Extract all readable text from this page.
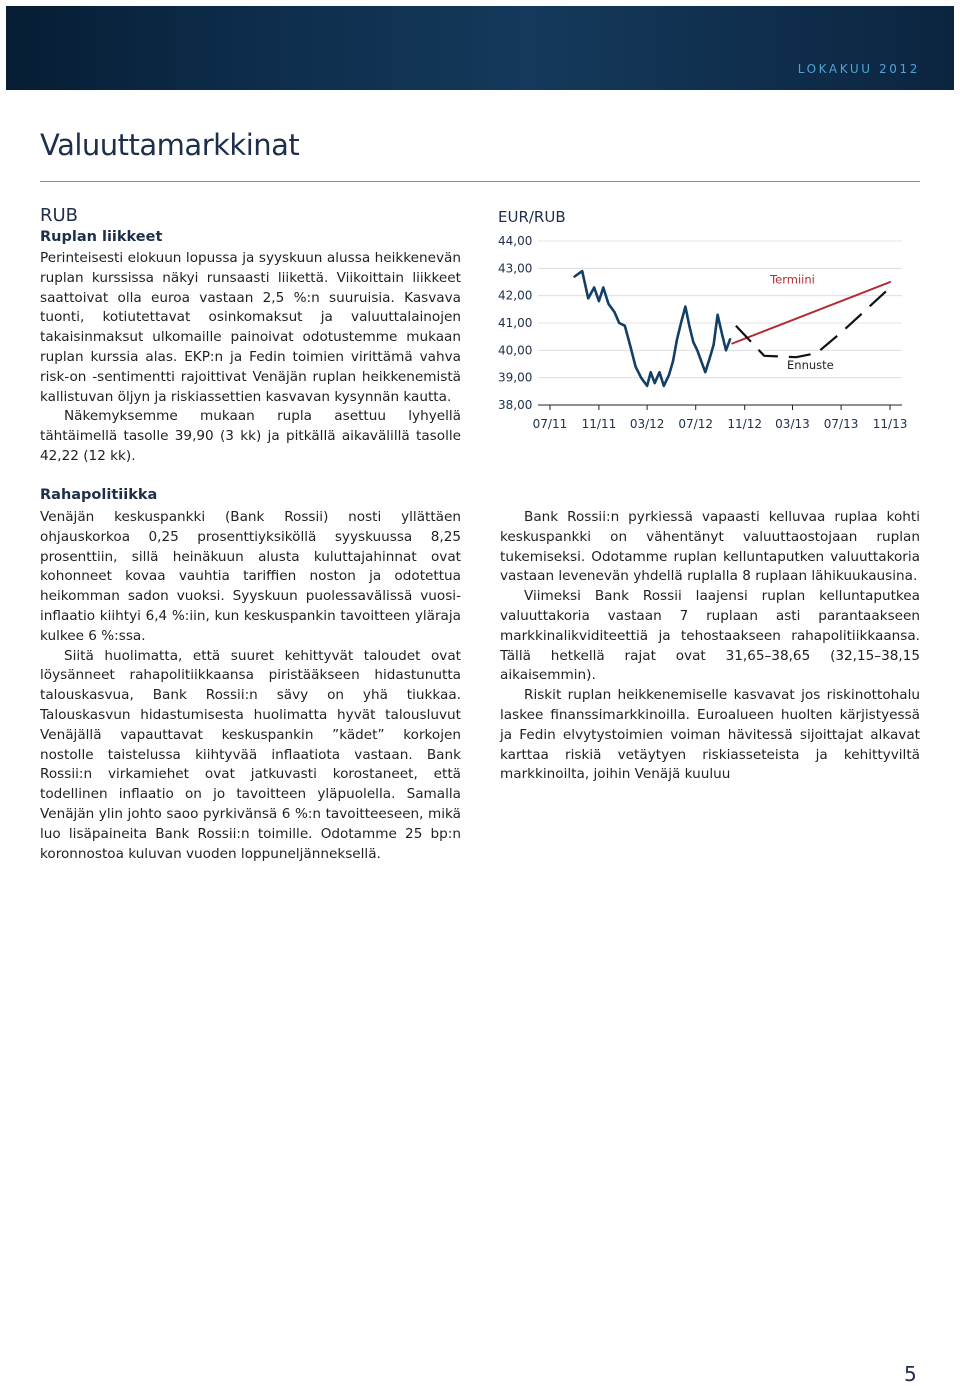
LOKAKUU 2012
Valuuttamarkkinat
RUB
Ruplan liikkeet

Perinteisesti elokuun lopussa ja syyskuun alussa heikkenevän ruplan kurssissa näkyi runsaasti liikettä. Viikoittain liikkeet saattoivat olla euroa vastaan 2,5 %:n suuruisia. Kasvava tuonti, kotiutettavat osinkomaksut ja valuuttalainojen takaisinmaksut ulkomaille painoivat odotustemme mukaan ruplan kurssia alas. EKP:n ja Fedin toimien virittämä vahva risk-on -sentimentti rajoittivat Venäjän ruplan heikkenemistä kallistuvan öljyn ja riskiassettien kasvavan kysynnän kautta.

Näkemyksemme mukaan rupla asettuu lyhyellä tähtäimellä tasolle 39,90 (3 kk) ja pitkällä aikavälillä tasolle 42,22 (12 kk).

Rahapolitiikka

Venäjän keskuspankki (Bank Rossii) nosti yllättäen ohjauskorkoa 0,25 prosenttiyksiköllä syyskuussa 8,25 prosenttiin, sillä heinäkuun alusta kuluttajahinnat ovat kohonneet kovaa vauhtia tariffien noston ja odotettua heikomman sadon vuoksi. Syyskuun puolessavälissä vuosi-inflaatio kiihtyi 6,4 %:iin, kun keskuspankin tavoitteen yläraja kulkee 6 %:ssa.

Siitä huolimatta, että suuret kehittyvät taloudet ovat löysänneet rahapolitiikkaansa piristääkseen hidastunutta talouskasvua, Bank Rossii:n sävy on yhä tiukkaa. Talouskasvun hidastumisesta huolimatta hyvät talousluvut Venäjällä vapauttavat keskuspankin ”kädet” korkojen nostolle taistelussa kiihtyvää inflaatiota vastaan. Bank Rossii:n virkamiehet ovat jatkuvasti korostaneet, että todellinen inflaatio on jo tavoitteen yläpuolella. Samalla Venäjän ylin johto saoo pyrkivänsä 6 %:n tavoitteeseen, mikä luo lisäpaineita Bank Rossii:n toimille. Odotamme 25 bp:n koronnostoa kuluvan vuoden loppuneljänneksellä.

Bank Rossii:n pyrkiessä vapaasti kelluvaa ruplaa kohti keskuspankki on vähentänyt valuuttaostojaan ruplan tukemiseksi. Odotamme ruplan kelluntaputken valuuttakoria vastaan levenevän yhdellä ruplalla 8 ruplaan lähikuukausina.

Viimeksi Bank Rossii laajensi ruplan kelluntaputkea valuuttakoria vastaan 7 ruplaan asti parantaakseen markkinalikviditeettiä ja tehostaakseen rahapolitiikkaansa. Tällä hetkellä rajat ovat 31,65–38,65 (32,15–38,15 aikaisemmin).

Riskit ruplan heikkenemiselle kasvavat jos riskinottohalu laskee finanssimarkkinoilla. Euroalueen huolten kärjistyessä ja Fedin elvytystoimien voiman hävitessä sijoittajat alkavat karttaa riskiä vetäytyen riskiasseteista ja kehittyviltä markkinoilta, joihin Venäjä kuuluu

EUR/RUB
44,00
43,00
42,00
41,00
40,00
39,00
38,00
07/11 11/11 03/12 07/12 11/12 03/13 07/13 11/13
Termiini
Ennuste
5
